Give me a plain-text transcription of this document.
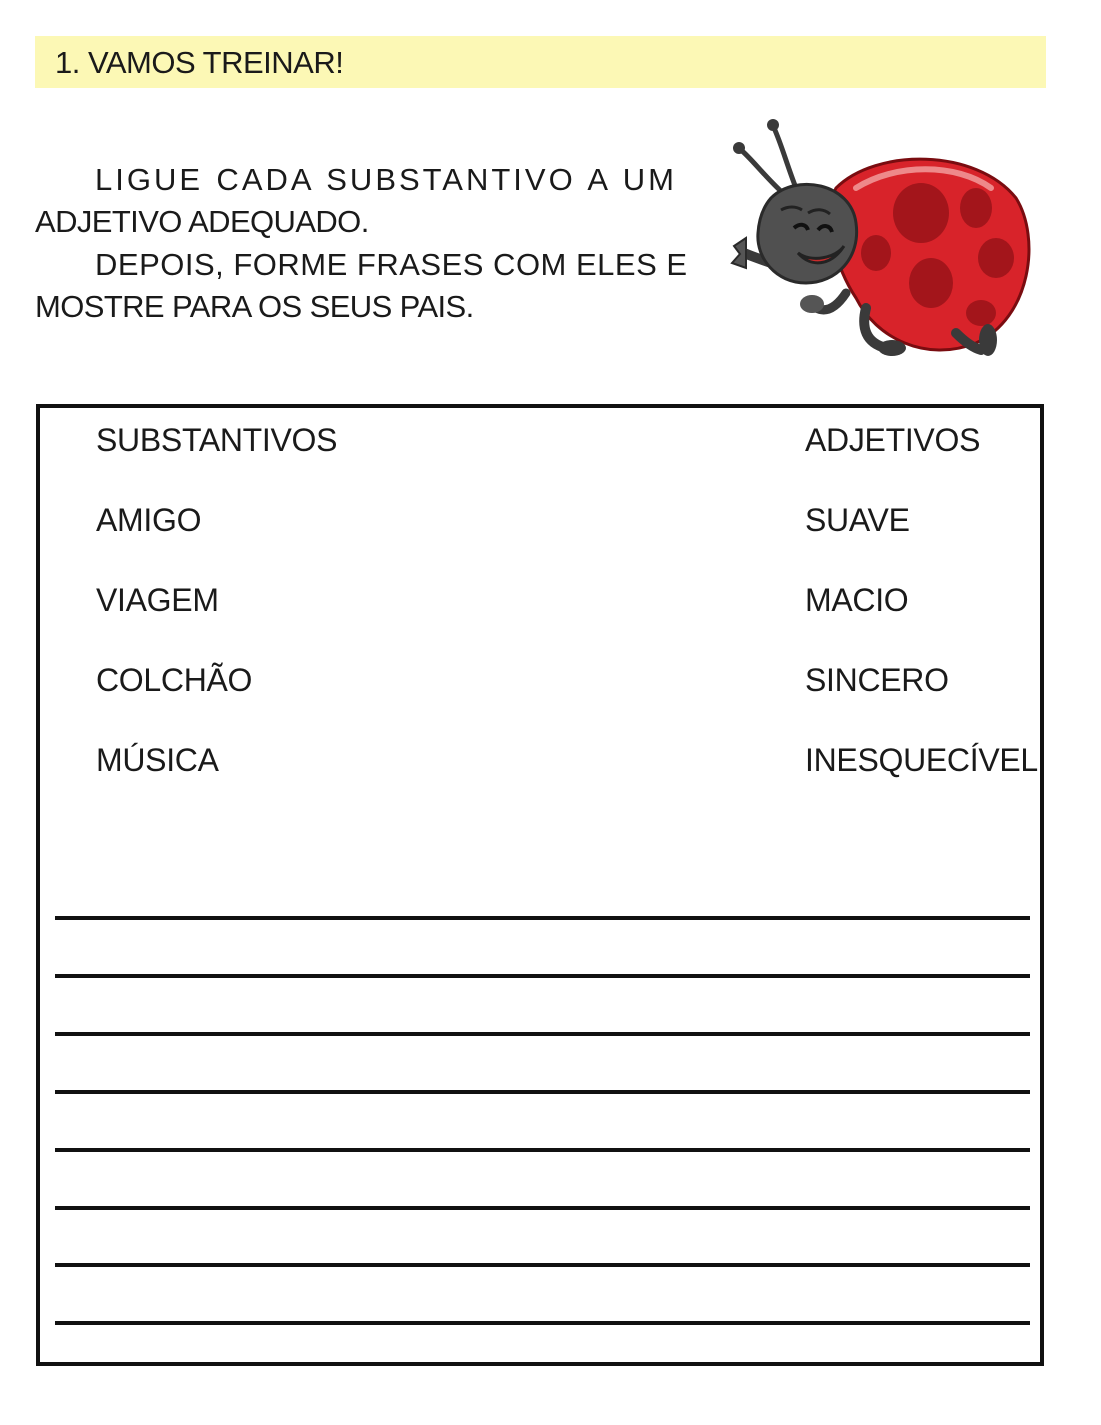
1. VAMOS TREINAR!
LIGUE CADA SUBSTANTIVO A UM
ADJETIVO ADEQUADO.
DEPOIS, FORME FRASES COM ELES E
MOSTRE PARA OS SEUS PAIS.
SUBSTANTIVOS	ADJETIVOS
AMIGO
VIAGEM
COLCHÃO
MÚSICA
SUAVE
MACIO
SINCERO
INESQUECÍVEL
